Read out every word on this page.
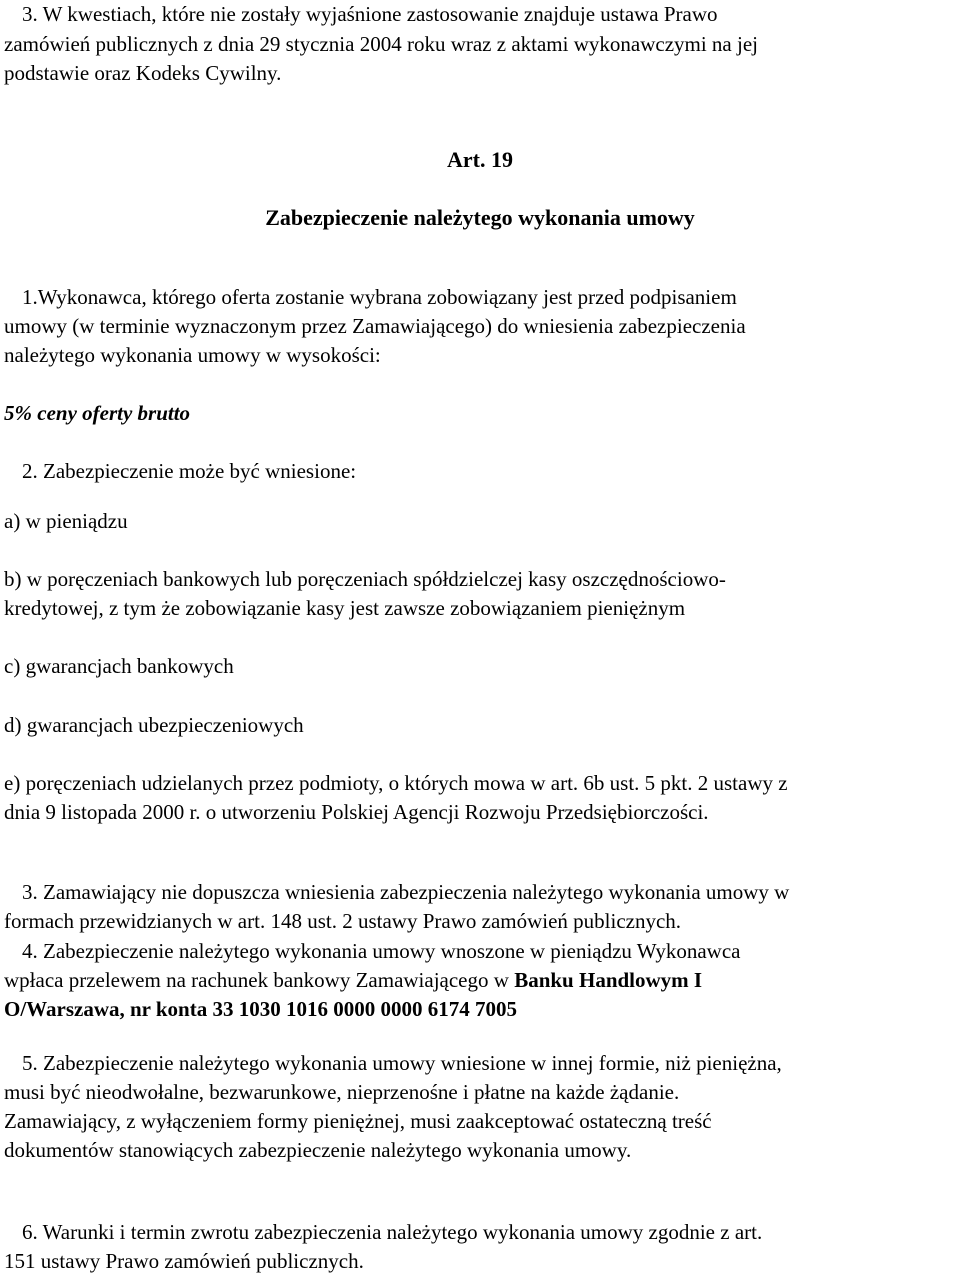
3. W kwestiach, które nie zostały wyjaśnione zastosowanie znajduje ustawa Prawo
zamówień publicznych z dnia 29 stycznia 2004 roku wraz z aktami wykonawczymi na jej
podstawie oraz Kodeks Cywilny.
Art. 19
Zabezpieczenie należytego wykonania umowy
1.Wykonawca, którego oferta zostanie wybrana zobowiązany jest przed podpisaniem
umowy (w terminie wyznaczonym przez Zamawiającego) do wniesienia zabezpieczenia
należytego wykonania umowy w wysokości:
5% ceny oferty brutto
2. Zabezpieczenie może być wniesione:
a) w pieniądzu
b) w poręczeniach bankowych lub poręczeniach spółdzielczej kasy oszczędnościowo-
kredytowej, z tym że zobowiązanie kasy jest zawsze zobowiązaniem pieniężnym
c) gwarancjach bankowych
d) gwarancjach ubezpieczeniowych
e) poręczeniach udzielanych przez podmioty, o których mowa w art. 6b ust. 5 pkt. 2 ustawy z
dnia 9 listopada 2000 r. o utworzeniu Polskiej Agencji Rozwoju Przedsiębiorczości.
3. Zamawiający nie dopuszcza wniesienia zabezpieczenia należytego wykonania umowy w
formach przewidzianych w art. 148 ust. 2 ustawy Prawo zamówień publicznych.
4. Zabezpieczenie należytego wykonania umowy wnoszone w pieniądzu Wykonawca
wpłaca przelewem na rachunek bankowy Zamawiającego w Banku Handlowym I
O/Warszawa, nr konta 33 1030 1016 0000 0000 6174 7005
5. Zabezpieczenie należytego wykonania umowy wniesione w innej formie, niż pieniężna,
musi być nieodwołalne, bezwarunkowe, nieprzenośne i płatne na każde żądanie.
Zamawiający, z wyłączeniem formy pieniężnej, musi zaakceptować ostateczną treść
dokumentów stanowiących zabezpieczenie należytego wykonania umowy.
6. Warunki i termin zwrotu zabezpieczenia należytego wykonania umowy zgodnie z art.
151 ustawy Prawo zamówień publicznych.
